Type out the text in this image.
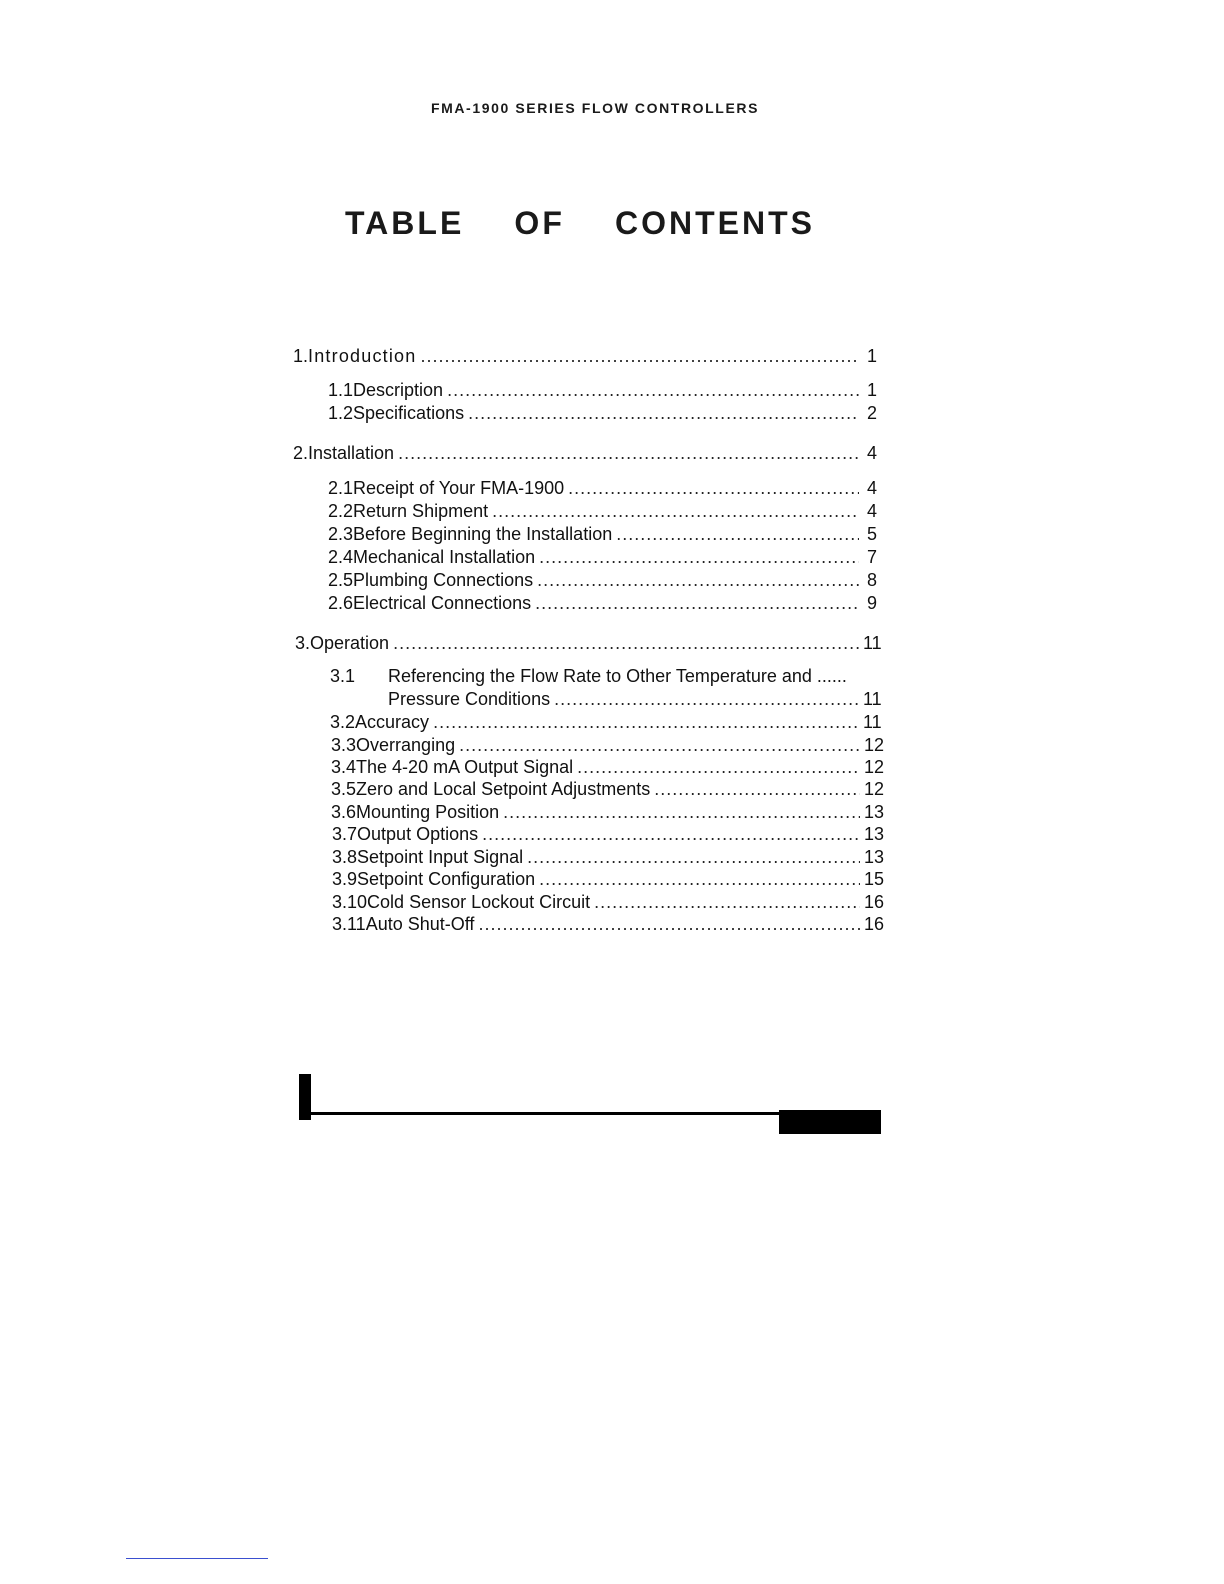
FMA-1900 SERIES FLOW CONTROLLERS
TABLE OF CONTENTS
1. Introduction .....	1
1.1 Description .....	1
1.2 Specifications .....	2
2. Installation .....	4
2.1 Receipt of Your FMA-1900 .....	4
2.2 Return Shipment .....	4
2.3 Before Beginning the Installation .....	5
2.4 Mechanical Installation .....	7
2.5 Plumbing Connections .....	8
2.6 Electrical Connections .....	9
3. Operation .....	11
3.1	Referencing the Flow Rate to Other Temperature and ......
Pressure Conditions .....	11
3.2 Accuracy .....	11
3.3 Overranging .....	12
3.4 The 4-20 mA Output Signal .....	12
3.5 Zero and Local Setpoint Adjustments .....	12
3.6 Mounting Position .....	13
3.7 Output Options .....	13
3.8 Setpoint Input Signal .....	13
3.9 Setpoint Configuration .....	15
3.10 Cold Sensor Lockout Circuit .....	16
3.11 Auto Shut-Off .....	16
